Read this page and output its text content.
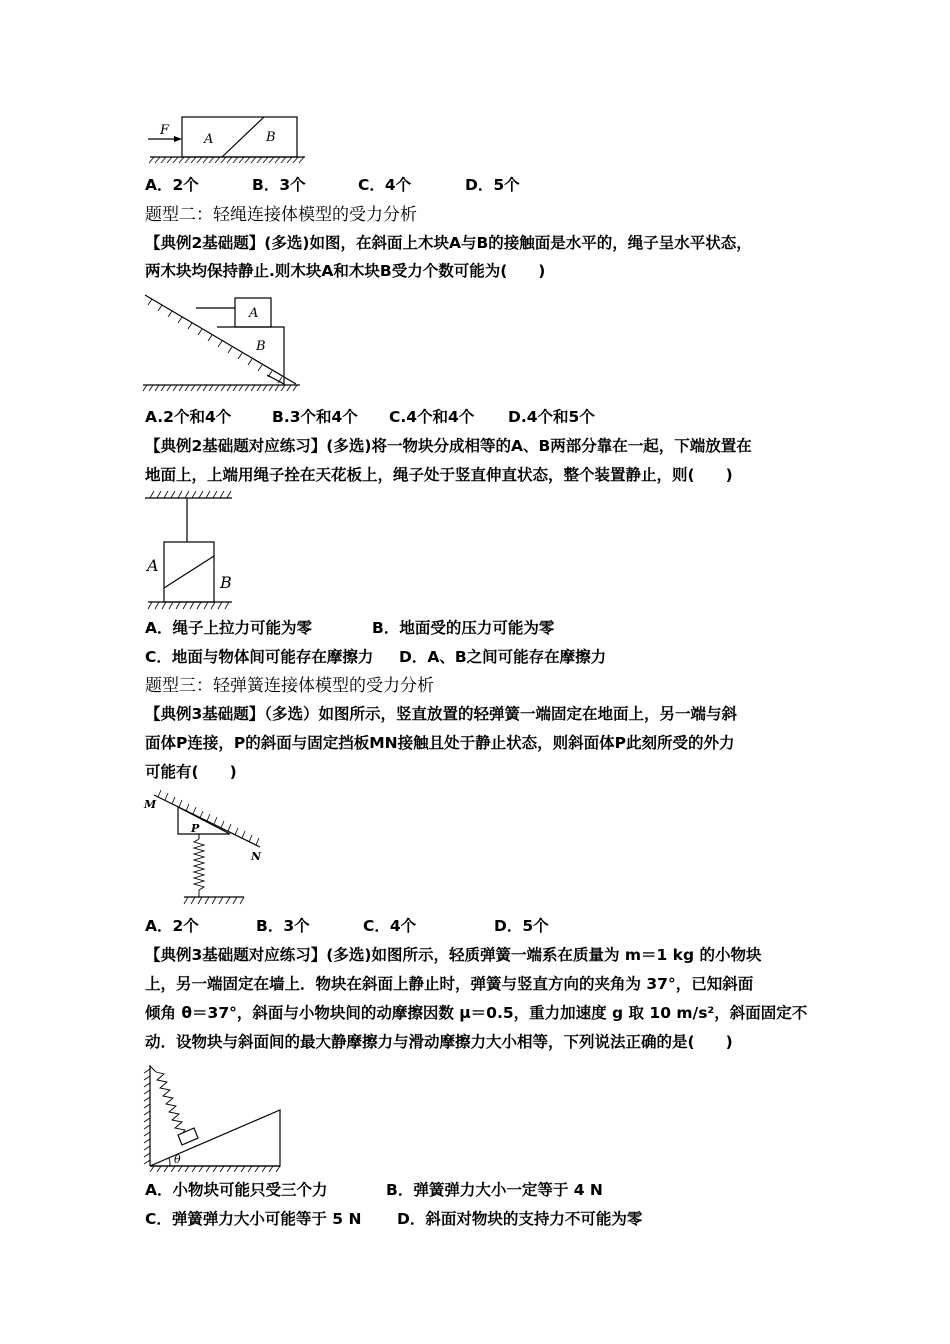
F
A	B
A．2个	B．3个	C．4个	D．5个
题型二：轻绳连接体模型的受力分析
【典例2基础题】(多选)如图，在斜面上木块A与B的接触面是水平的，绳子呈水平状态，
两木块均保持静止.则木块A和木块B受力个数可能为(　　)
A
B
A.2个和4个	B.3个和4个 C.4个和4个 D.4个和5个
【典例2基础题对应练习】(多选)将一物块分成相等的A、B两部分靠在一起，下端放置在
地面上，上端用绳子拴在天花板上，绳子处于竖直伸直状态，整个装置静止，则(　　)
A
B
A．绳子上拉力可能为零	B．地面受的压力可能为零
C．地面与物体间可能存在摩擦力 D．A、B之间可能存在摩擦力
题型三：轻弹簧连接体模型的受力分析
【典例3基础题】（多选）如图所示，竖直放置的轻弹簧一端固定在地面上，另一端与斜
面体P连接，P的斜面与固定挡板MN接触且处于静止状态，则斜面体P此刻所受的外力
可能有(　　)
M
P
N
A．2个	B．3个	C．4个	D．5个
【典例3基础题对应练习】(多选)如图所示，轻质弹簧一端系在质量为 m＝1 kg 的小物块
上，另一端固定在墙上．物块在斜面上静止时，弹簧与竖直方向的夹角为 37°，已知斜面
倾角 θ＝37°，斜面与小物块间的动摩擦因数 μ＝0.5，重力加速度 g 取 10 m/s²，斜面固定不
动．设物块与斜面间的最大静摩擦力与滑动摩擦力大小相等，下列说法正确的是(　　)
θ
A．小物块可能只受三个力	B．弹簧弹力大小一定等于 4 N
C．弹簧弹力大小可能等于 5 N D．斜面对物块的支持力不可能为零
